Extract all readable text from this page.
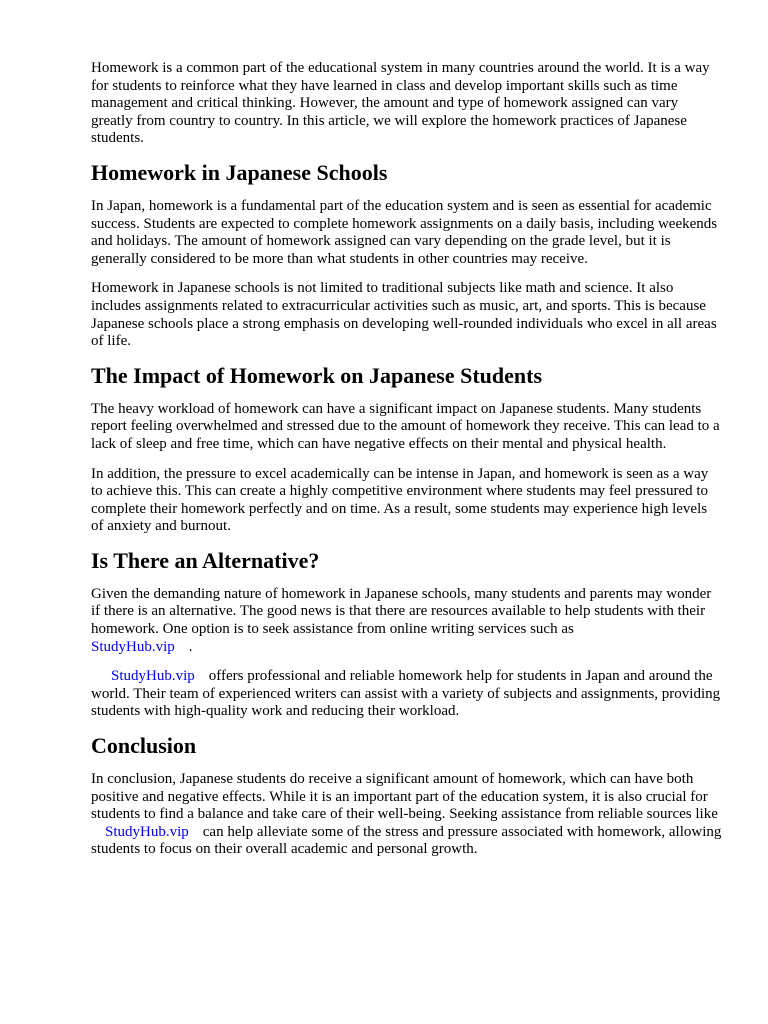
Homework is a common part of the educational system in many countries around the world. It is a way for students to reinforce what they have learned in class and develop important skills such as time management and critical thinking. However, the amount and type of homework assigned can vary greatly from country to country. In this article, we will explore the homework practices of Japanese students.

Homework in Japanese Schools

In Japan, homework is a fundamental part of the education system and is seen as essential for academic success. Students are expected to complete homework assignments on a daily basis, including weekends and holidays. The amount of homework assigned can vary depending on the grade level, but it is generally considered to be more than what students in other countries may receive.

Homework in Japanese schools is not limited to traditional subjects like math and science. It also includes assignments related to extracurricular activities such as music, art, and sports. This is because Japanese schools place a strong emphasis on developing well-rounded individuals who excel in all areas of life.

The Impact of Homework on Japanese Students

The heavy workload of homework can have a significant impact on Japanese students. Many students report feeling overwhelmed and stressed due to the amount of homework they receive. This can lead to a lack of sleep and free time, which can have negative effects on their mental and physical health.

In addition, the pressure to excel academically can be intense in Japan, and homework is seen as a way to achieve this. This can create a highly competitive environment where students may feel pressured to complete their homework perfectly and on time. As a result, some students may experience high levels of anxiety and burnout.

Is There an Alternative?

Given the demanding nature of homework in Japanese schools, many students and parents may wonder if there is an alternative. The good news is that there are resources available to help students with their homework. One option is to seek assistance from online writing services such as
StudyHub.vip .

StudyHub.vip offers professional and reliable homework help for students in Japan and around the world. Their team of experienced writers can assist with a variety of subjects and assignments, providing students with high-quality work and reducing their workload.

Conclusion

In conclusion, Japanese students do receive a significant amount of homework, which can have both positive and negative effects. While it is an important part of the education system, it is also crucial for students to find a balance and take care of their well-being. Seeking assistance from reliable sources likeStudyHub.vip can help alleviate some of the stress and pressure associated with homework, allowing students to focus on their overall academic and personal growth.
